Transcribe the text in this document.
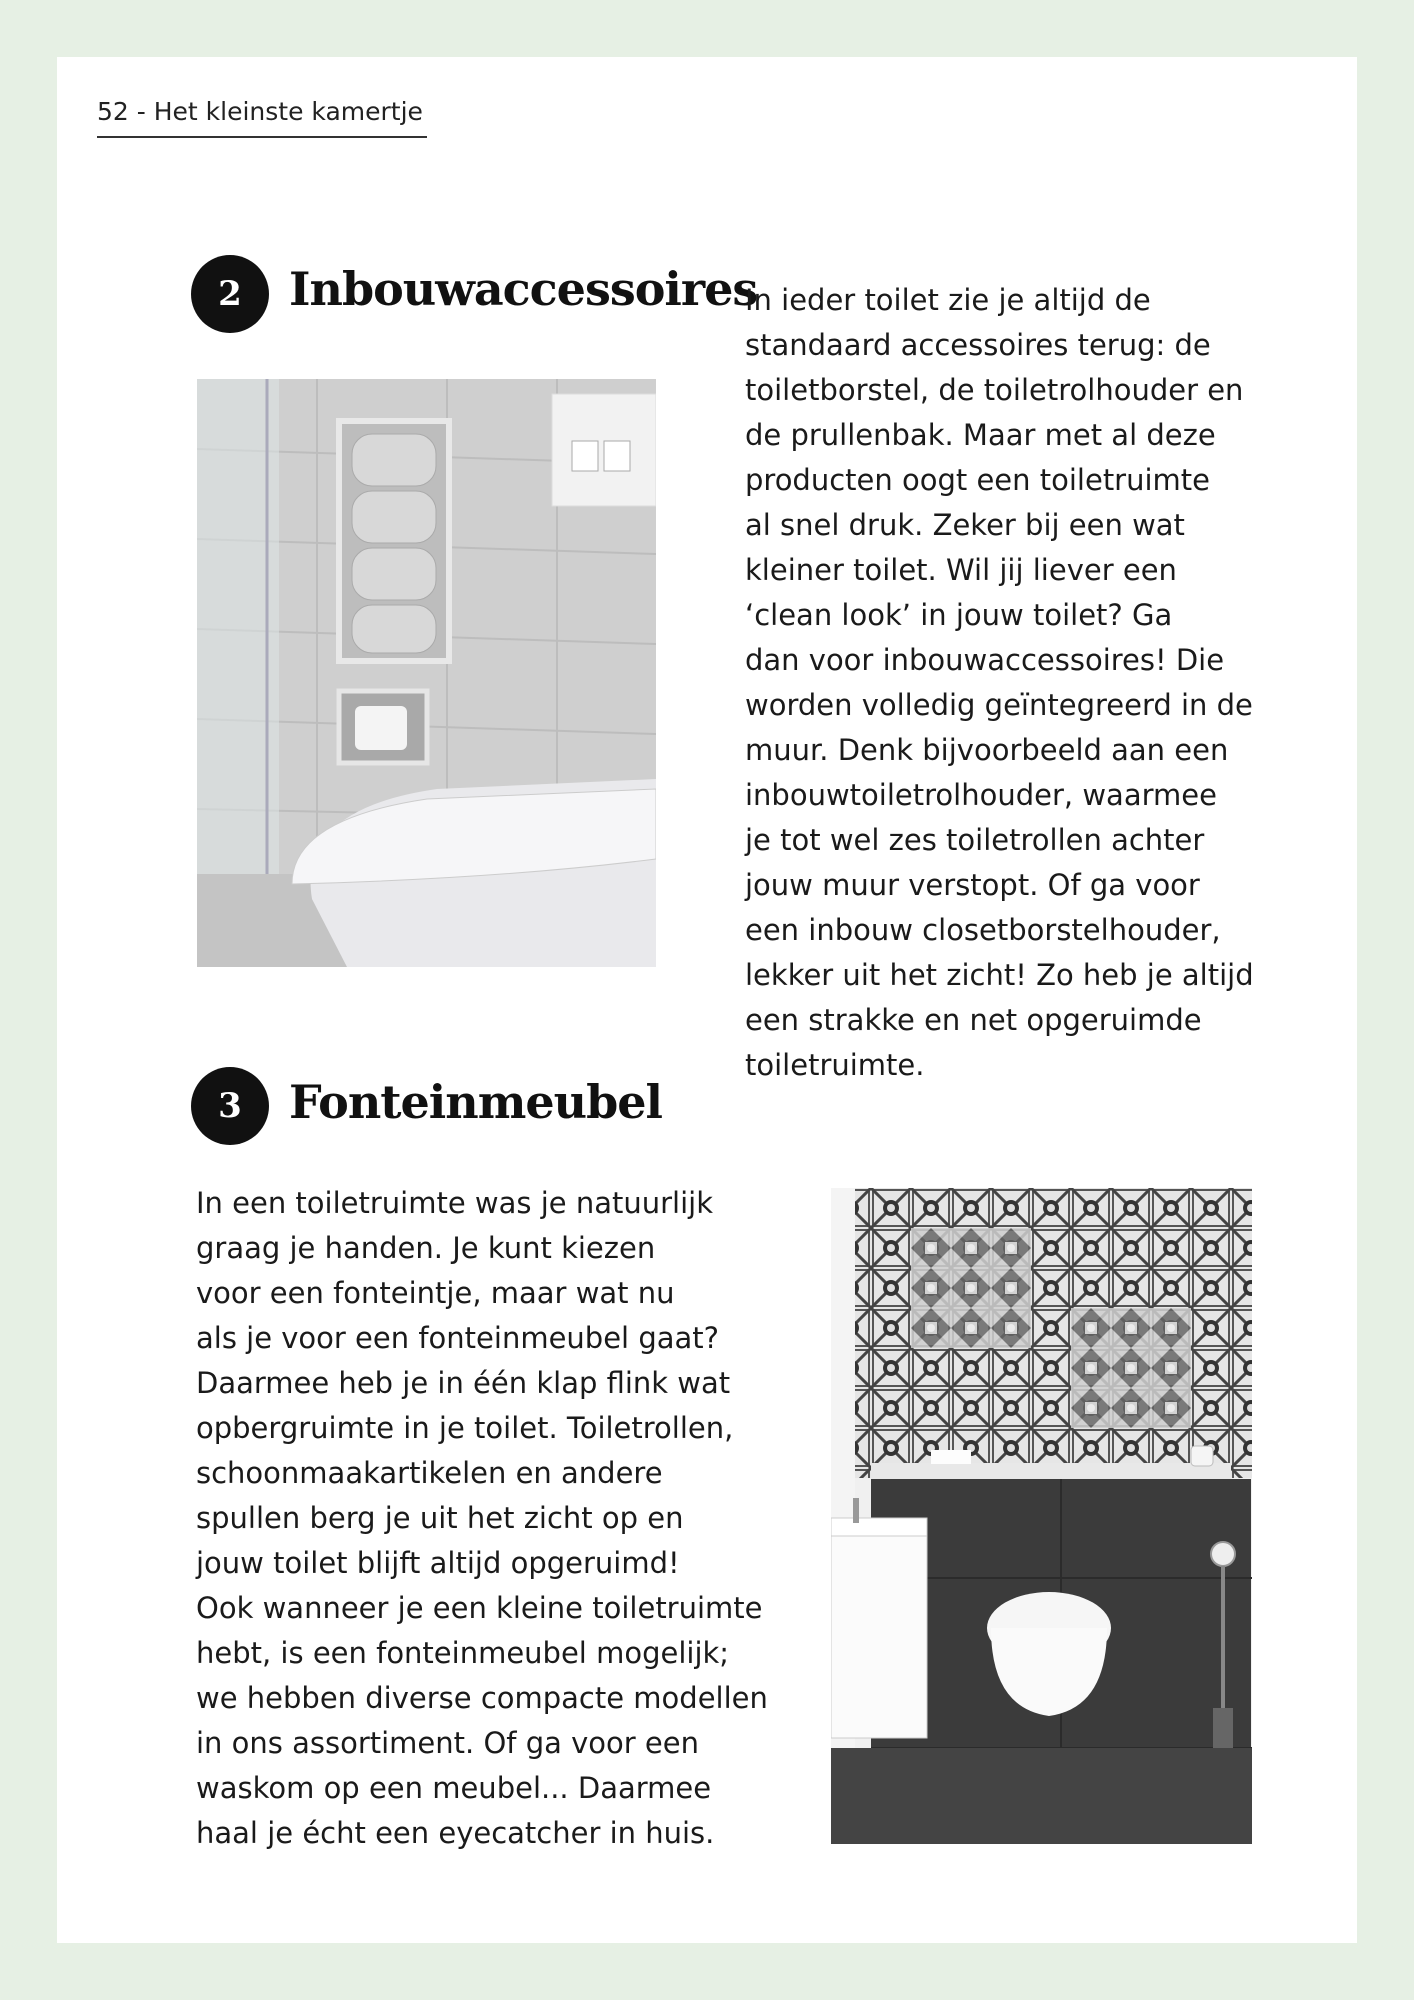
52 - Het kleinste kamertje
2	Inbouwaccessoires
In ieder toilet zie je altijd de
standaard accessoires terug: de
toiletborstel, de toiletrolhouder en
de prullenbak. Maar met al deze
producten oogt een toiletruimte
al snel druk. Zeker bij een wat
kleiner toilet. Wil jij liever een
‘clean look’ in jouw toilet? Ga
dan voor inbouwaccessoires! Die
worden volledig geïntegreerd in de
muur. Denk bijvoorbeeld aan een
inbouwtoiletrolhouder, waarmee
je tot wel zes toiletrollen achter
jouw muur verstopt. Of ga voor
een inbouw closetborstelhouder,
lekker uit het zicht! Zo heb je altijd
een strakke en net opgeruimde
toiletruimte.
3	Fonteinmeubel
In een toiletruimte was je natuurlijk
graag je handen. Je kunt kiezen
voor een fonteintje, maar wat nu
als je voor een fonteinmeubel gaat?
Daarmee heb je in één klap flink wat
opbergruimte in je toilet. Toiletrollen,
schoonmaakartikelen en andere
spullen berg je uit het zicht op en
jouw toilet blijft altijd opgeruimd!
Ook wanneer je een kleine toiletruimte
hebt, is een fonteinmeubel mogelijk;
we hebben diverse compacte modellen
in ons assortiment. Of ga voor een
waskom op een meubel... Daarmee
haal je écht een eyecatcher in huis.
